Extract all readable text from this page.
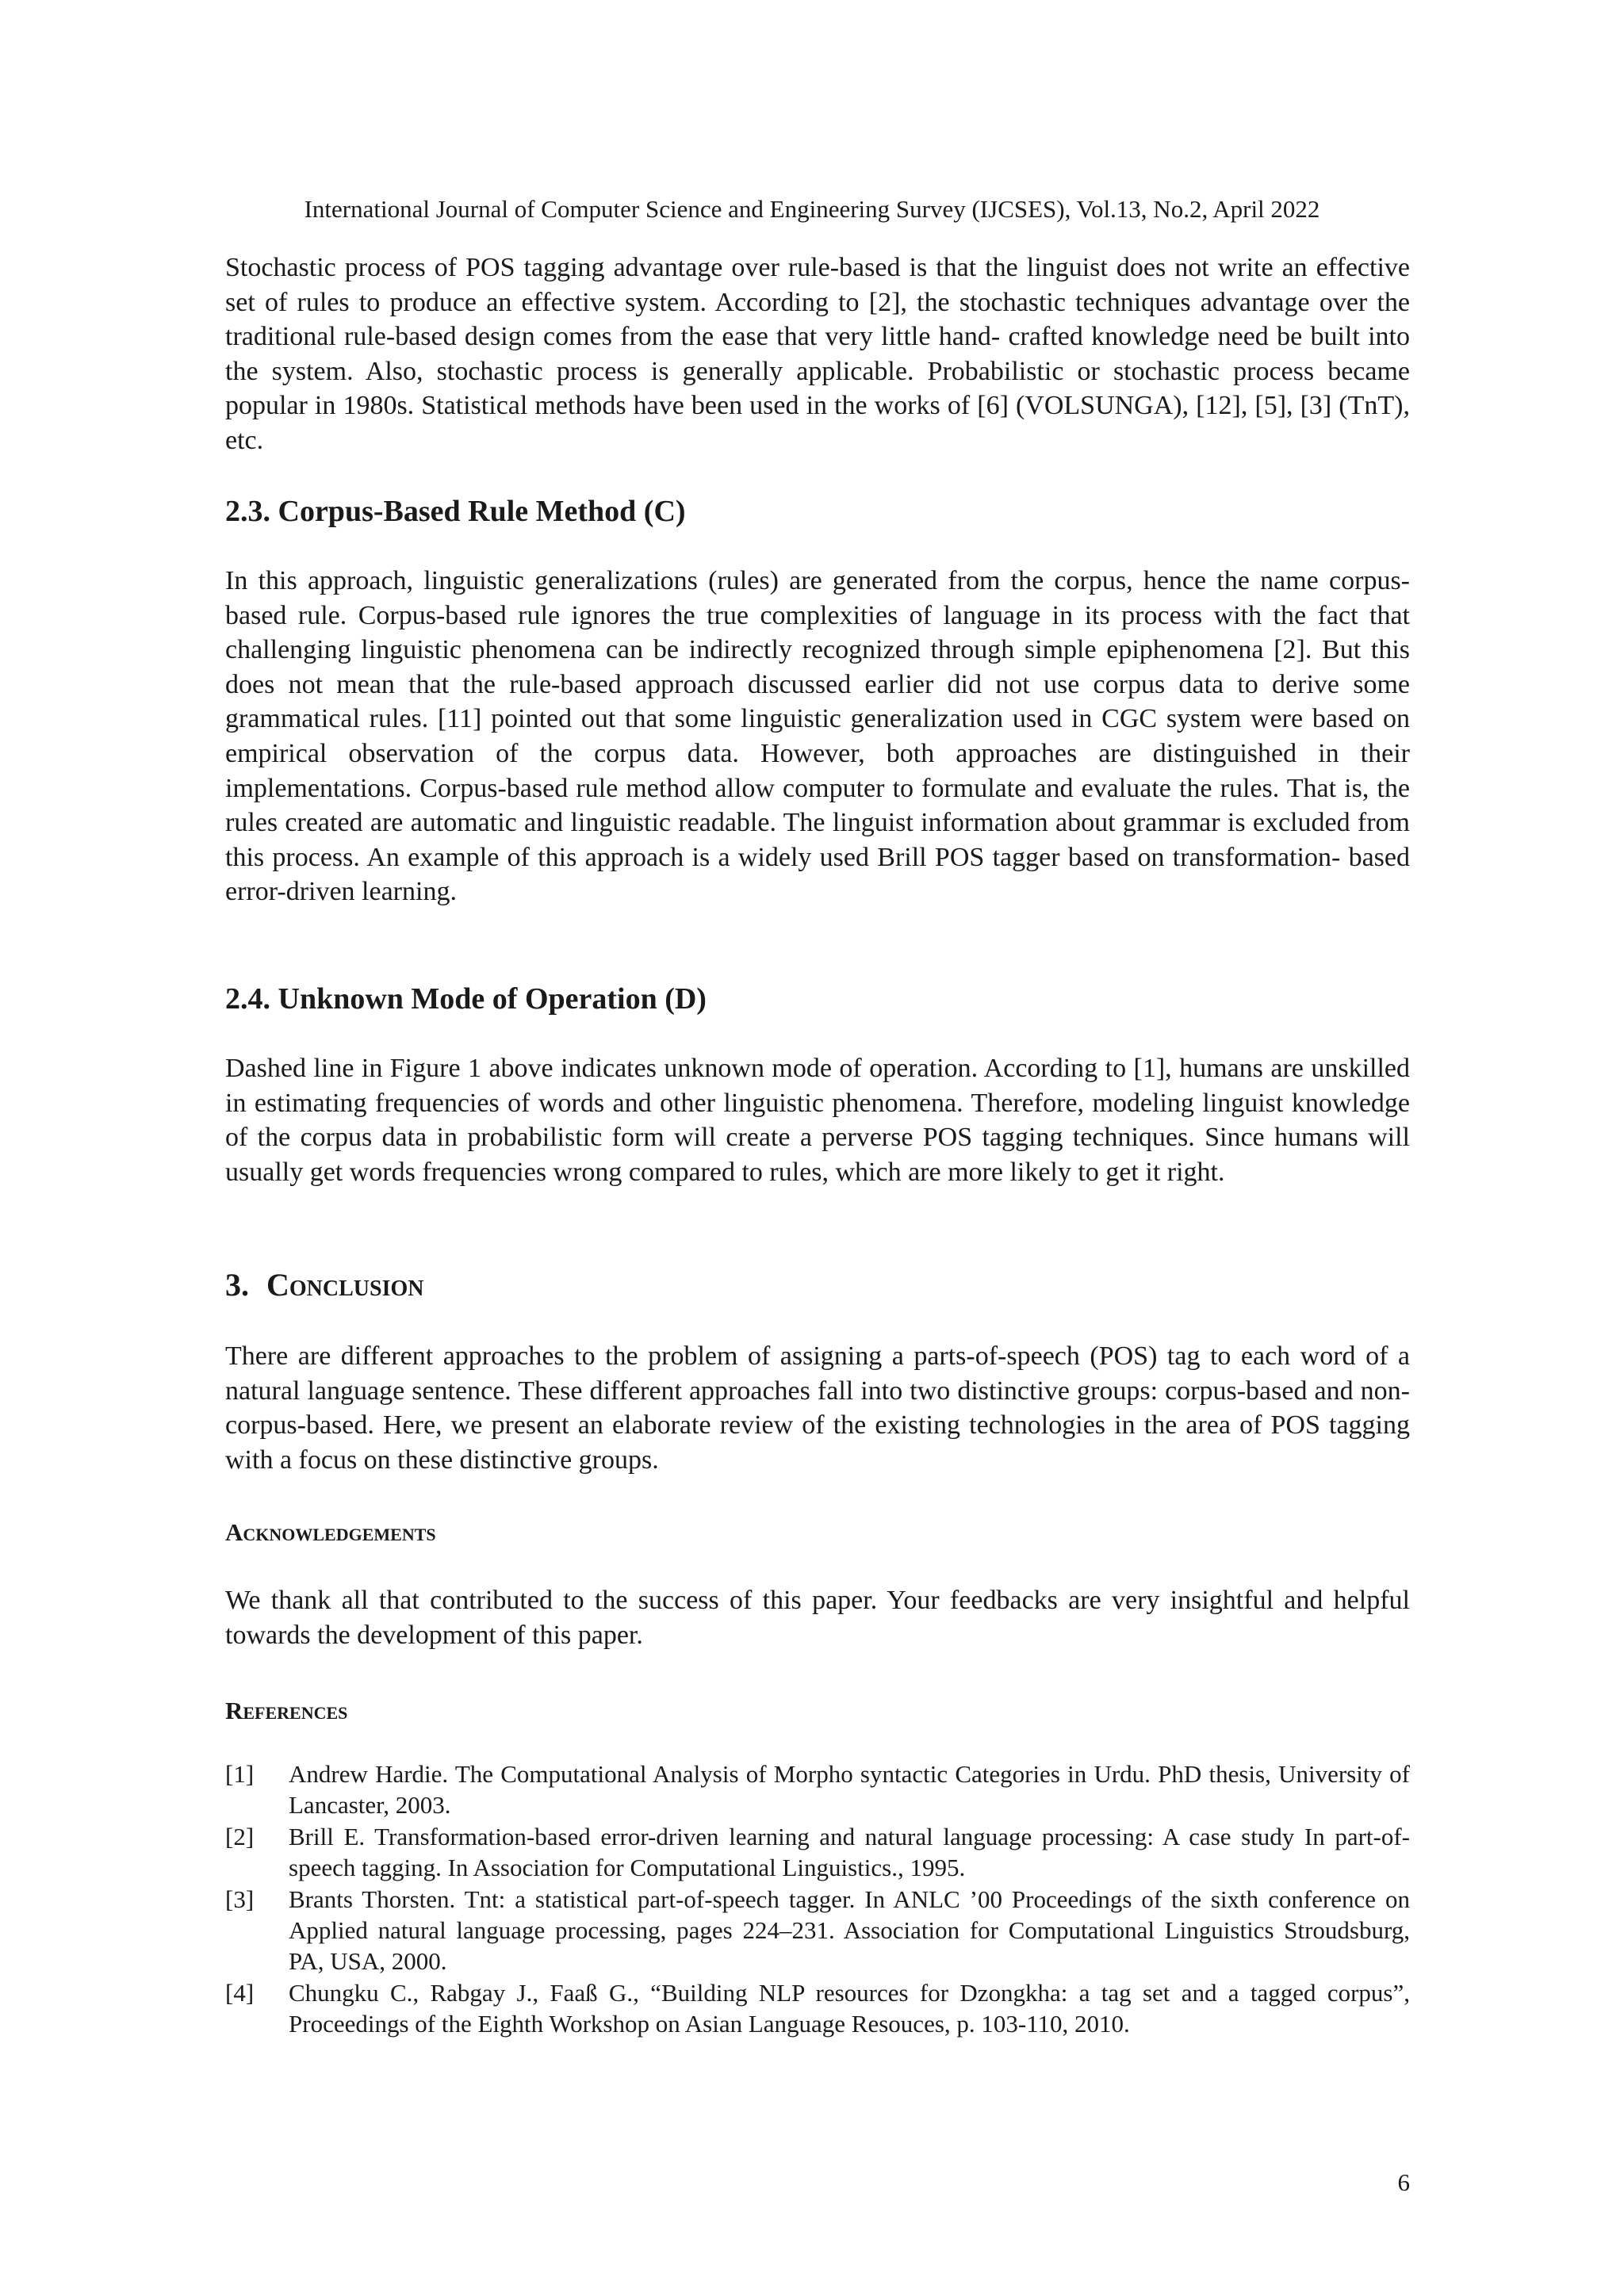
International Journal of Computer Science and Engineering Survey (IJCSES), Vol.13, No.2, April 2022

Stochastic process of POS tagging advantage over rule-based is that the linguist does not write an effective set of rules to produce an effective system. According to [2], the stochastic techniques advantage over the traditional rule-based design comes from the ease that very little hand- crafted knowledge need be built into the system. Also, stochastic process is generally applicable. Probabilistic or stochastic process became popular in 1980s. Statistical methods have been used in the works of [6] (VOLSUNGA), [12], [5], [3] (TnT), etc.

2.3. Corpus-Based Rule Method (C)

In this approach, linguistic generalizations (rules) are generated from the corpus, hence the name corpus-based rule. Corpus-based rule ignores the true complexities of language in its process with the fact that challenging linguistic phenomena can be indirectly recognized through simple epiphenomena [2]. But this does not mean that the rule-based approach discussed earlier did not use corpus data to derive some grammatical rules. [11] pointed out that some linguistic generalization used in CGC system were based on empirical observation of the corpus data. However, both approaches are distinguished in their implementations. Corpus-based rule method allow computer to formulate and evaluate the rules. That is, the rules created are automatic and linguistic readable. The linguist information about grammar is excluded from this process. An example of this approach is a widely used Brill POS tagger based on transformation- based error-driven learning.

2.4. Unknown Mode of Operation (D)

Dashed line in Figure 1 above indicates unknown mode of operation. According to [1], humans are unskilled in estimating frequencies of words and other linguistic phenomena. Therefore, modeling linguist knowledge of the corpus data in probabilistic form will create a perverse POS tagging techniques. Since humans will usually get words frequencies wrong compared to rules, which are more likely to get it right.

3. Conclusion

There are different approaches to the problem of assigning a parts-of-speech (POS) tag to each word of a natural language sentence. These different approaches fall into two distinctive groups: corpus-based and non-corpus-based. Here, we present an elaborate review of the existing technologies in the area of POS tagging with a focus on these distinctive groups.

Acknowledgements

We thank all that contributed to the success of this paper. Your feedbacks are very insightful and helpful towards the development of this paper.

References
[1] Andrew Hardie. The Computational Analysis of Morpho syntactic Categories in Urdu. PhD thesis, University of Lancaster, 2003.
[2] Brill E. Transformation-based error-driven learning and natural language processing: A case study In part-of-speech tagging. In Association for Computational Linguistics., 1995.
[3] Brants Thorsten. Tnt: a statistical part-of-speech tagger. In ANLC ’00 Proceedings of the sixth conference on Applied natural language processing, pages 224–231. Association for Computational Linguistics Stroudsburg, PA, USA, 2000.
[4] Chungku C., Rabgay J., Faaß G., “Building NLP resources for Dzongkha: a tag set and a tagged corpus”, Proceedings of the Eighth Workshop on Asian Language Resouces, p. 103-110, 2010.
6
